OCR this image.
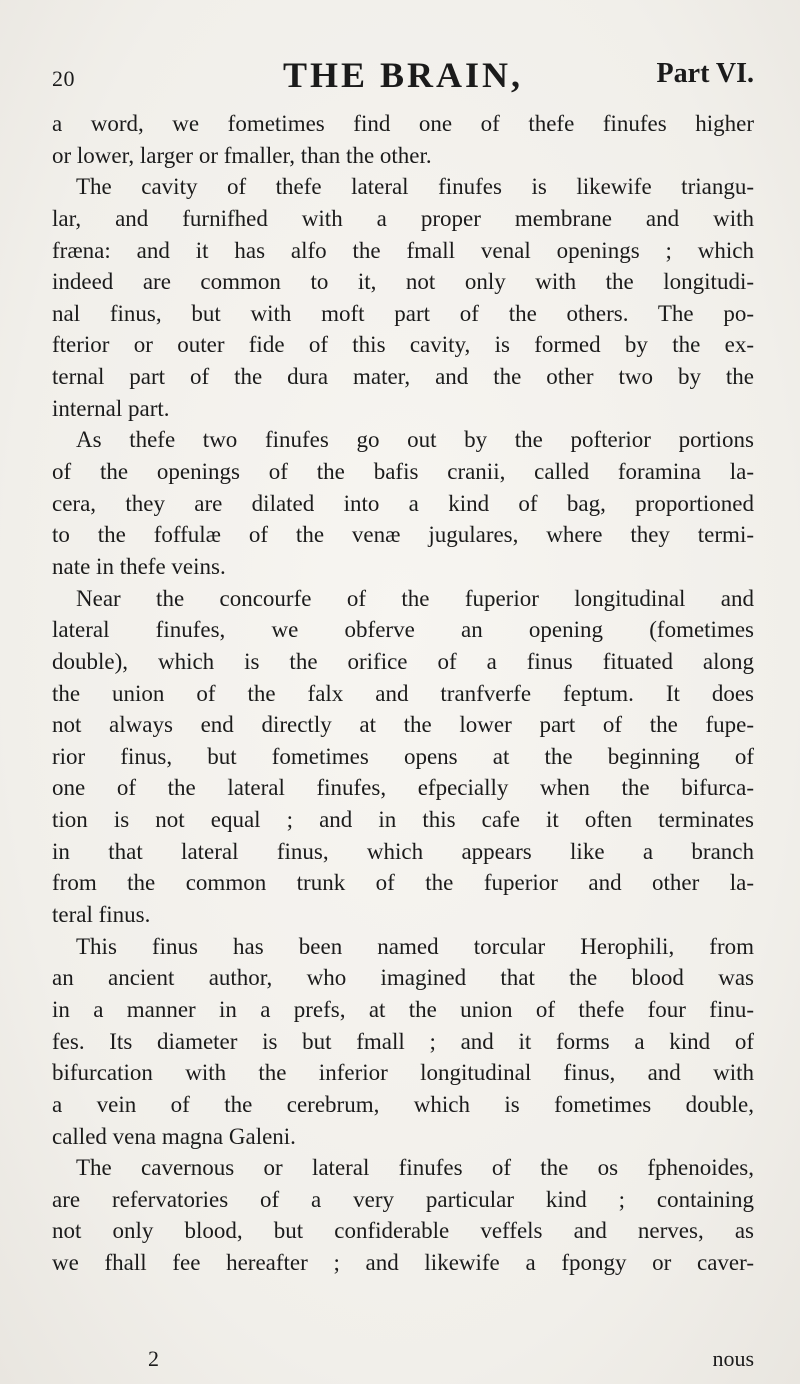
20	THE BRAIN,	Part VI.
a word, we fometimes find one of thefe finufes higher
or lower, larger or fmaller, than the other.
The cavity of thefe lateral finufes is likewife triangu-
lar, and furnifhed with a proper membrane and with
fræna: and it has alfo the fmall venal openings ; which
indeed are common to it, not only with the longitudi-
nal finus, but with moft part of the others. The po-
fterior or outer fide of this cavity, is formed by the ex-
ternal part of the dura mater, and the other two by the
internal part.
As thefe two finufes go out by the pofterior portions
of the openings of the bafis cranii, called foramina la-
cera, they are dilated into a kind of bag, proportioned
to the foffulæ of the venæ jugulares, where they termi-
nate in thefe veins.
Near the concourfe of the fuperior longitudinal and
lateral finufes, we obferve an opening (fometimes
double), which is the orifice of a finus fituated along
the union of the falx and tranfverfe feptum. It does
not always end directly at the lower part of the fupe-
rior finus, but fometimes opens at the beginning of
one of the lateral finufes, efpecially when the bifurca-
tion is not equal ; and in this cafe it often terminates
in that lateral finus, which appears like a branch
from the common trunk of the fuperior and other la-
teral finus.
This finus has been named torcular Herophili, from
an ancient author, who imagined that the blood was
in a manner in a prefs, at the union of thefe four finu-
fes. Its diameter is but fmall ; and it forms a kind of
bifurcation with the inferior longitudinal finus, and with
a vein of the cerebrum, which is fometimes double,
called vena magna Galeni.
The cavernous or lateral finufes of the os fphenoides,
are refervatories of a very particular kind ; containing
not only blood, but confiderable veffels and nerves, as
we fhall fee hereafter ; and likewife a fpongy or caver-
2	nous
